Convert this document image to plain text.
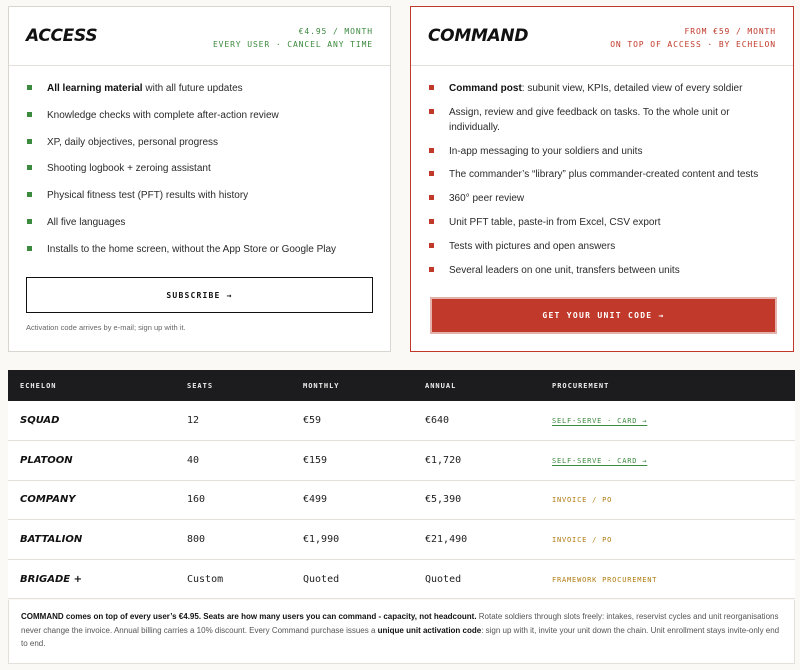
ACCESS	€4.95 / MONTH
EVERY USER · CANCEL ANY TIME
All learning material with all future updates
Knowledge checks with complete after-action review
XP, daily objectives, personal progress
Shooting logbook + zeroing assistant
Physical fitness test (PFT) results with history
All five languages
Installs to the home screen, without the App Store or Google Play
SUBSCRIBE →
Activation code arrives by e-mail; sign up with it.
COMMAND	FROM €59 / MONTH
ON TOP OF ACCESS · BY ECHELON
Command post: subunit view, KPIs, detailed view of every soldier
Assign, review and give feedback on tasks. To the whole unit or individually.
In-app messaging to your soldiers and units
The commander’s “library” plus commander-created content and tests
360° peer review
Unit PFT table, paste-in from Excel, CSV export
Tests with pictures and open answers
Several leaders on one unit, transfers between units
GET YOUR UNIT CODE →
ECHELON	SEATS	MONTHLY	ANNUAL	PROCUREMENT
SQUAD	12	€59	€640	SELF-SERVE · CARD →
PLATOON	40	€159	€1,720	SELF-SERVE · CARD →
COMPANY	160	€499	€5,390	INVOICE / PO
BATTALION	800	€1,990	€21,490	INVOICE / PO
BRIGADE +	Custom	Quoted	Quoted	FRAMEWORK PROCUREMENT
COMMAND comes on top of every user’s €4.95. Seats are how many users you can command - capacity, not headcount. Rotate soldiers through slots freely: intakes, reservist cycles and unit reorganisations never change the invoice. Annual billing carries a 10% discount. Every Command purchase issues a unique unit activation code: sign up with it, invite your unit down the chain. Unit enrollment stays invite-only end to end.
